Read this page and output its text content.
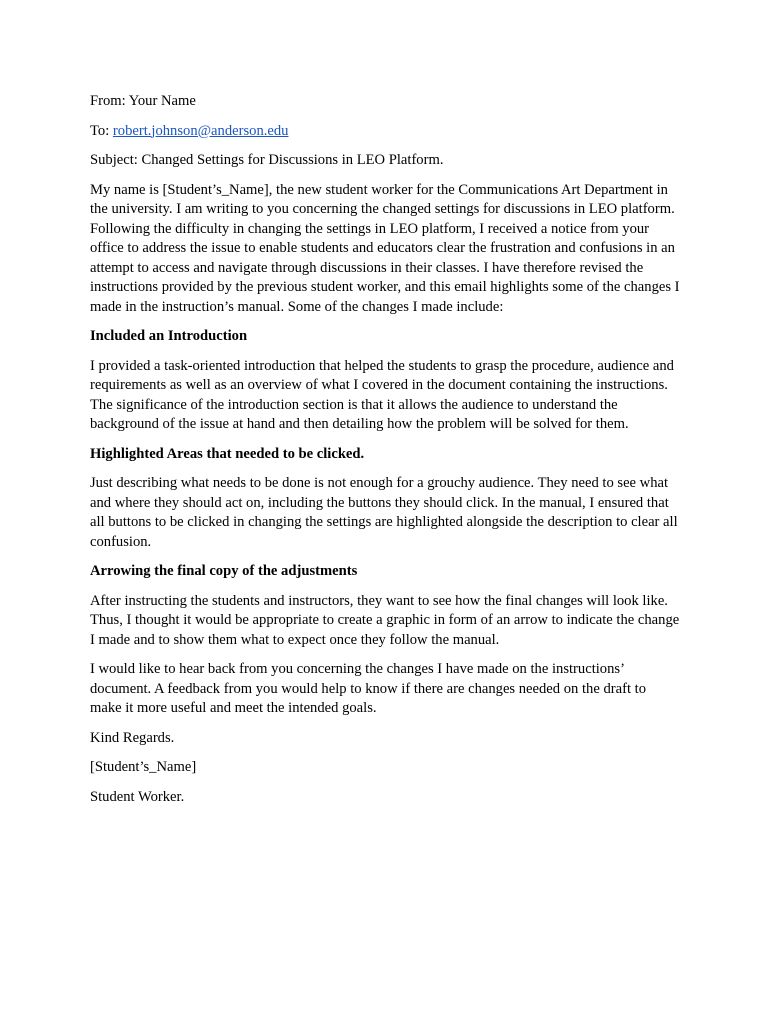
From: Your Name

To: robert.johnson@anderson.edu

Subject: Changed Settings for Discussions in LEO Platform.

My name is [Student’s_Name], the new student worker for the Communications Art Department in the university. I am writing to you concerning the changed settings for discussions in LEO platform. Following the difficulty in changing the settings in LEO platform, I received a notice from your office to address the issue to enable students and educators clear the frustration and confusions in an attempt to access and navigate through discussions in their classes. I have therefore revised the instructions provided by the previous student worker, and this email highlights some of the changes I made in the instruction’s manual. Some of the changes I made include:

Included an Introduction

I provided a task-oriented introduction that helped the students to grasp the procedure, audience and requirements as well as an overview of what I covered in the document containing the instructions. The significance of the introduction section is that it allows the audience to understand the background of the issue at hand and then detailing how the problem will be solved for them.

Highlighted Areas that needed to be clicked.

Just describing what needs to be done is not enough for a grouchy audience. They need to see what and where they should act on, including the buttons they should click. In the manual, I ensured that all buttons to be clicked in changing the settings are highlighted alongside the description to clear all confusion.

Arrowing the final copy of the adjustments

After instructing the students and instructors, they want to see how the final changes will look like. Thus, I thought it would be appropriate to create a graphic in form of an arrow to indicate the change I made and to show them what to expect once they follow the manual.

I would like to hear back from you concerning the changes I have made on the instructions’ document. A feedback from you would help to know if there are changes needed on the draft to make it more useful and meet the intended goals.

Kind Regards.

[Student’s_Name]

Student Worker.
